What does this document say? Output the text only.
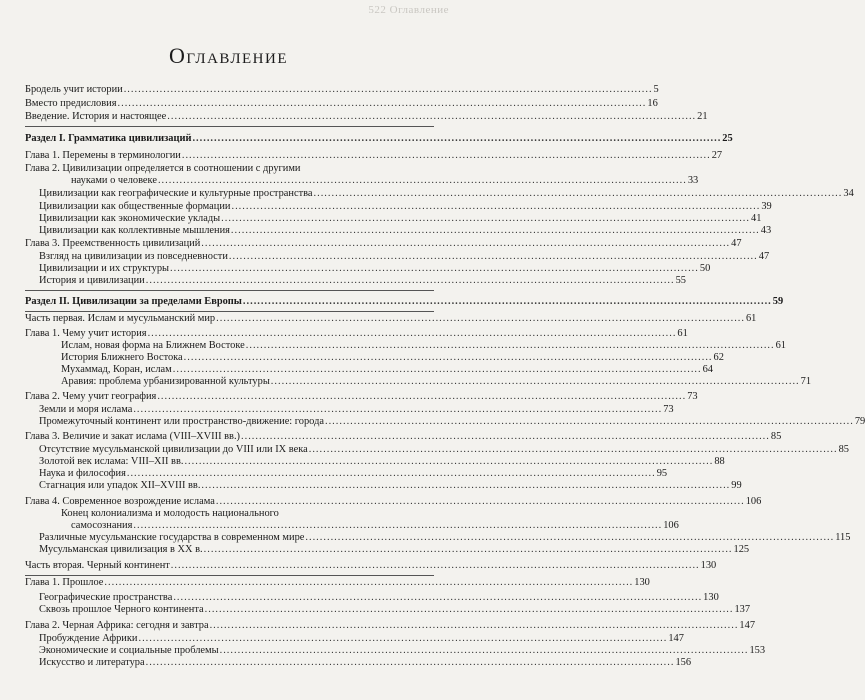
522 Оглавление
Оглавление
Бродель учит истории .....	5
Вместо предисловия .....	16
Введение. История и настоящее .....	21
Раздел I. Грамматика цивилизаций .....	25
Глава 1. Перемены в терминологии .....	27
Глава 2. Цивилизации определяется в соотношении с другими
науками о человеке .....	33
Цивилизации как географические и культурные пространства .....	34
Цивилизации как общественные формации .....	39
Цивилизации как экономические уклады .....	41
Цивилизации как коллективные мышления .....	43
Глава 3. Преемственность цивилизаций .....	47
Взгляд на цивилизации из повседневности .....	47
Цивилизации и их структуры .....	50
История и цивилизации .....	55
Раздел II. Цивилизации за пределами Европы .....	59
Часть первая. Ислам и мусульманский мир .....	61
Глава 1. Чему учит история .....	61
Ислам, новая форма на Ближнем Востоке .....	61
История Ближнего Востока .....	62
Мухаммад, Коран, ислам .....	64
Аравия: проблема урбанизированной культуры .....	71
Глава 2. Чему учит география .....	73
Земли и моря ислама .....	73
Промежуточный континент или пространство-движение: города .....	79
Глава 3. Величие и закат ислама (VIII–XVIII вв.) .....	85
Отсутствие мусульманской цивилизации до VIII или IX века .....	85
Золотой век ислама: VIII–XII вв. .....	88
Наука и философия .....	95
Стагнация или упадок XII–XVIII вв. .....	99
Глава 4. Современное возрождение ислама .....	106
Конец колониализма и молодость национального
самосознания .....	106
Различные мусульманские государства в современном мире .....	115
Мусульманская цивилизация в XX в. .....	125
Часть вторая. Черный континент .....	130
Глава 1. Прошлое .....	130
Географические пространства .....	130
Сквозь прошлое Черного континента .....	137
Глава 2. Черная Африка: сегодня и завтра .....	147
Пробуждение Африки .....	147
Экономические и социальные проблемы .....	153
Искусство и литература .....	156
